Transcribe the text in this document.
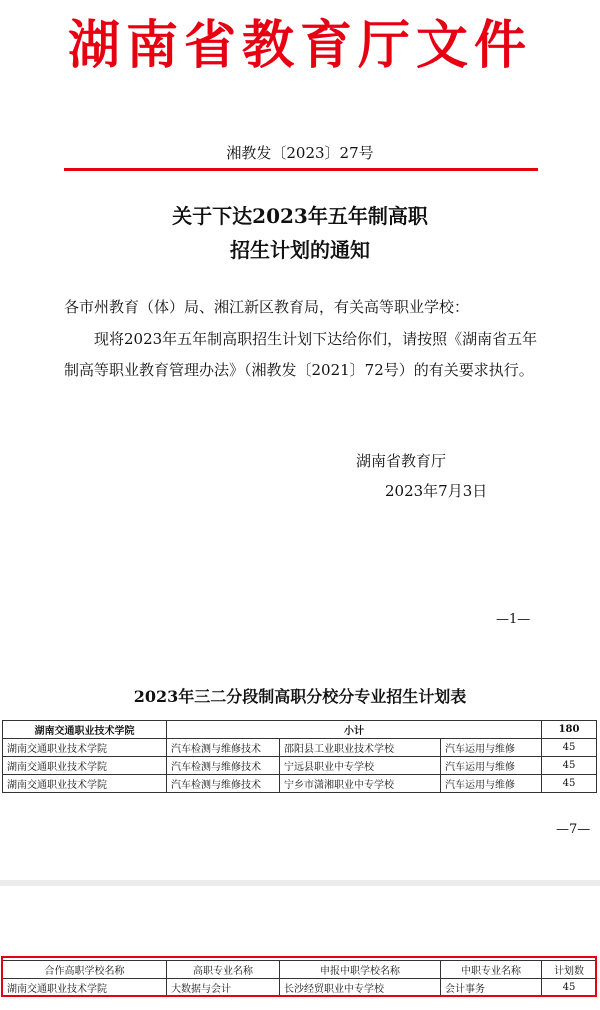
湖南省教育厅文件
湘教发〔2023〕27号
关于下达2023年五年制高职
招生计划的通知
各市州教育（体）局、湘江新区教育局，有关高等职业学校：
现将2023年五年制高职招生计划下达给你们，请按照《湖南省五年制高等职业教育管理办法》（湘教发〔2021〕72号）的有关要求执行。
湖南省教育厅
2023年7月3日
—1—
2023年三二分段制高职分校分专业招生计划表
湖南交通职业技术学院	小计			180
湖南交通职业技术学院	汽车检测与维修技术	邵阳县工业职业技术学校	汽车运用与维修	45
湖南交通职业技术学院	汽车检测与维修技术	宁远县职业中专学校	汽车运用与维修	45
湖南交通职业技术学院	汽车检测与维修技术	宁乡市潇湘职业中专学校	汽车运用与维修	45
—7—
合作高职学校名称	高职专业名称	申报中职学校名称	中职专业名称	计划数
湖南交通职业技术学院	大数据与会计	长沙经贸职业中专学校	会计事务	45
